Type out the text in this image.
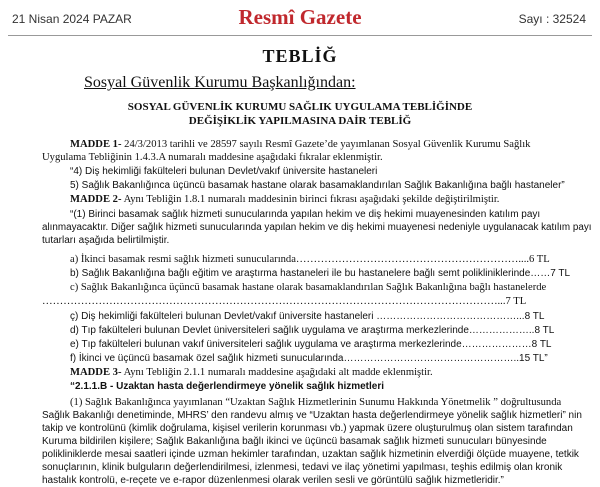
21 Nisan 2024 PAZAR	Resmî Gazete	Sayı : 32524
TEBLİĞ
Sosyal Güvenlik Kurumu Başkanlığından:
SOSYAL GÜVENLİK KURUMU SAĞLIK UYGULAMA TEBLİĞİNDE
DEĞİŞİKLİK YAPILMASINA DAİR TEBLİĞ
MADDE 1- 24/3/2013 tarihli ve 28597 sayılı Resmî Gazete’de yayımlanan Sosyal Güvenlik Kurumu Sağlık
Uygulama Tebliğinin 1.4.3.A numaralı maddesine aşağıdaki fıkralar eklenmiştir.
“4) Diş hekimliği fakülteleri bulunan Devlet/vakıf üniversite hastaneleri
5) Sağlık Bakanlığınca üçüncü basamak hastane olarak basamaklandırılan Sağlık Bakanlığına bağlı hastaneler”
MADDE 2- Aynı Tebliğin 1.8.1 numaralı maddesinin birinci fıkrası aşağıdaki şekilde değiştirilmiştir.
“(1) Birinci basamak sağlık hizmeti sunucularında yapılan hekim ve diş hekimi muayenesinden katılım payı
alınmayacaktır. Diğer sağlık hizmeti sunucularında yapılan hekim ve diş hekimi muayenesi nedeniyle uygulanacak katılım payı
tutarları aşağıda belirtilmiştir.
a) İkinci basamak resmi sağlık hizmeti sunucularında………………………………………………………....6 TL
b) Sağlık Bakanlığına bağlı eğitim ve araştırma hastaneleri ile bu hastanelere bağlı semt polikliniklerinde……7 TL
c) Sağlık Bakanlığınca üçüncü basamak hastane olarak basamaklandırılan Sağlık Bakanlığına bağlı hastanelerde
…………………………………………………………………………………………………………………...7 TL
ç) Diş hekimliği fakülteleri bulunan Devlet/vakıf üniversite hastaneleri ……………………………………...8 TL
d) Tıp fakülteleri bulunan Devlet üniversiteleri sağlık uygulama ve araştırma merkezlerinde………………..8 TL
e) Tıp fakülteleri bulunan vakıf üniversiteleri sağlık uygulama ve araştırma merkezlerinde…………………8 TL
f) İkinci ve üçüncü basamak özel sağlık hizmeti sunucularında……………………………………………..15 TL”
MADDE 3- Aynı Tebliğin 2.1.1 numaralı maddesine aşağıdaki alt madde eklenmiştir.
“2.1.1.B - Uzaktan hasta değerlendirmeye yönelik sağlık hizmetleri
(1) Sağlık Bakanlığınca yayımlanan “Uzaktan Sağlık Hizmetlerinin Sunumu Hakkında Yönetmelik ” doğrultusunda
Sağlık Bakanlığı denetiminde, MHRS’ den randevu almış ve “Uzaktan hasta değerlendirmeye yönelik sağlık hizmetleri” nin
takip ve kontrolünü (kimlik doğrulama, kişisel verilerin korunması vb.) yapmak üzere oluşturulmuş olan sistem tarafından
Kuruma bildirilen kişilere; Sağlık Bakanlığına bağlı ikinci ve üçüncü basamak sağlık hizmeti sunucuları bünyesinde
polikliniklerde mesai saatleri içinde uzman hekimler tarafından, uzaktan sağlık hizmetinin elverdiği ölçüde muayene, tetkik
sonuçlarının, klinik bulguların değerlendirilmesi, izlenmesi, tedavi ve ilaç yönetimi yapılması, teşhis edilmiş olan kronik
hastalık kontrolü, e-reçete ve e-rapor düzenlenmesi olarak verilen sesli ve görüntülü sağlık hizmetleridir.”
